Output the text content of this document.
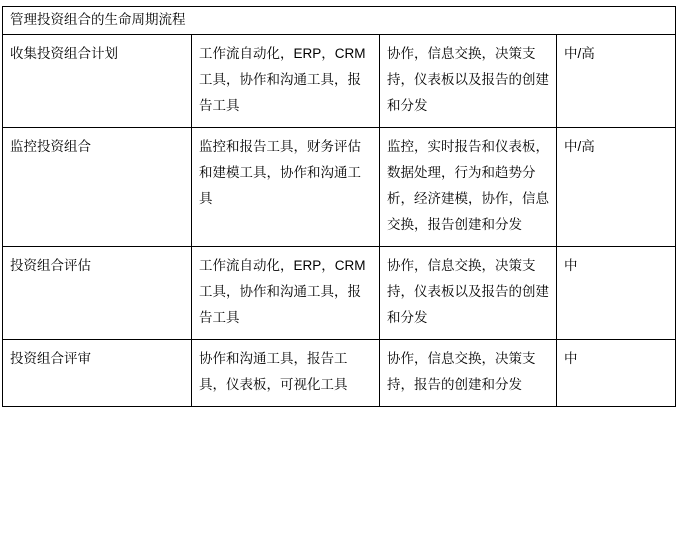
管理投资组合的生命周期流程			

收集投资组合计划	工作流自动化，ERP，CRM工具，协作和沟通工具，报告工具	协作，信息交换，决策支持，仪表板以及报告的创建和分发	中/高

监控投资组合	监控和报告工具，财务评估和建模工具，协作和沟通工具	监控，实时报告和仪表板，数据处理，行为和趋势分析，经济建模，协作，信息交换，报告创建和分发	中/高

投资组合评估	工作流自动化，ERP，CRM工具，协作和沟通工具，报告工具	协作，信息交换，决策支持，仪表板以及报告的创建和分发	中

投资组合评审	协作和沟通工具，报告工具，仪表板，可视化工具	协作，信息交换，决策支持，报告的创建和分发	中
